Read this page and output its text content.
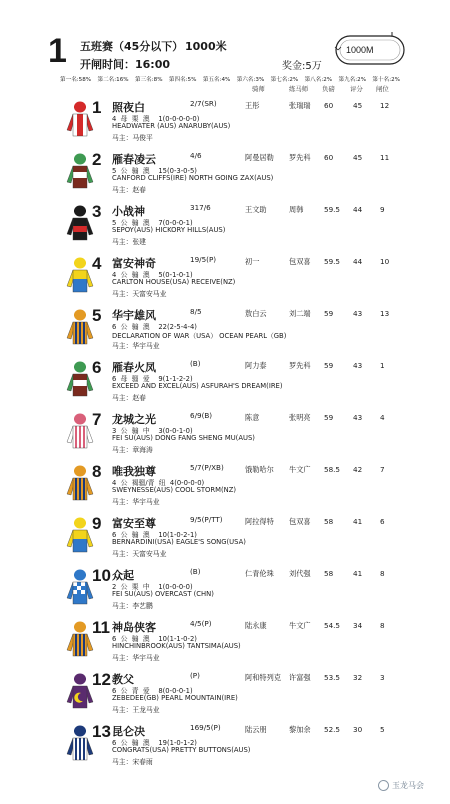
1 五班赛（45分以下） 1000米
开闸时间：16:00	奖金:5万
1000M
第一名:58% 第二名:16% 第三名:8% 第四名:5% 第五名:4% 第六名:3% 第七名:2% 第八名:2% 第九名:2% 第十名:2%
骑师	练马师 负磅 评分 闸位
1 照夜白	2/7(SR)	王彤	张瑞瑞 60	45 12
4  母  栗  澳    1(0-0-0-0-0)
HEADWATER (AUS) ANARUBY(AUS)
马主：马俊平
2 雁春凌云	4/6	阿曼居勒 罗先科 60	45 11
5  公  骟  澳    15(0-3-0-5)
CANFORD CLIFFS(IRE) NORTH GOING ZAX(AUS)
马主：赵春
3 小战神	317/6	王文助	周韩	59.5 44 9
5  公  骟  澳    7(0-0-0-1)
SEPOY(AUS) HICKORY HILLS(AUS)
马主：张建
4 富安神奇	19/5(P)	初一	包双喜 59.5 44 10
4  公  骟  澳    5(0-1-0-1)
CARLTON HOUSE(USA) RECEIVE(NZ)
马主：天富安马业
5 华宇雄风	8/5	敖白云	刘二端 59	43 13
6  公  骟  澳    22(2-5-4-4)
DECLARATION OF WAR（USA） OCEAN PEARL（GB)
马主：华宇马业
6 雁春火凤	(B)	阿力泰	罗先科 59	43 1
6  母  骝  爱    9(1-1-2-2)
EXCEED AND EXCEL(AUS) ASFURAH'S DREAM(IRE)
马主：赵春
7 龙城之光	6/9(B)	陈意	张明亮 59	43 4
3  公  骟  中    3(0-0-1-0)
FEI SU(AUS) DONG FANG SHENG MU(AUS)
马主：章海涛
8 唯我独尊	5/7(P/XB)	饿勒哈尔 牛文广 58.5 42 7
4  公  褐骝/青  纽  4(0-0-0-0)
SWEYNESSE(AUS) COOL STORM(NZ)
马主：华宇马业
9 富安至尊	9/5(P/TT)	阿拉得特 包双喜 58	41 6
6  公  骟  澳    10(1-0-2-1)
BERNARDINI(USA) EAGLE'S SONG(USA)
马主：天富安马业
10 众起	(B)	仁青伦珠 刘代强 58	41 8
2  公  栗  中    1(0-0-0-0)
FEI SU(AUS) OVERCAST (CHN)
马主：李艺鹏
11 神岛侠客	4/5(P)	陆永康	牛文广 54.5 34 8
6  公  骟  澳    10(1-1-0-2)
HINCHINBROOK(AUS) TANTSIMA(AUS)
马主：华宇马业
12 教父	(P)	阿和特列克 许富强 53.5 32 3
6  公  青  爱    8(0-0-0-1)
ZEBEDEE(GB) PEARL MOUNTAIN(IRE)
马主：王龙马业
13 昆仑决	169/5(P)	陆云朋	黎加余 52.5 30 5
6  公  骟  澳    19(1-0-1-2)
CONGRATS(USA) PRETTY BUTTONS(AUS)
马主：宋春雨
玉龙马会
